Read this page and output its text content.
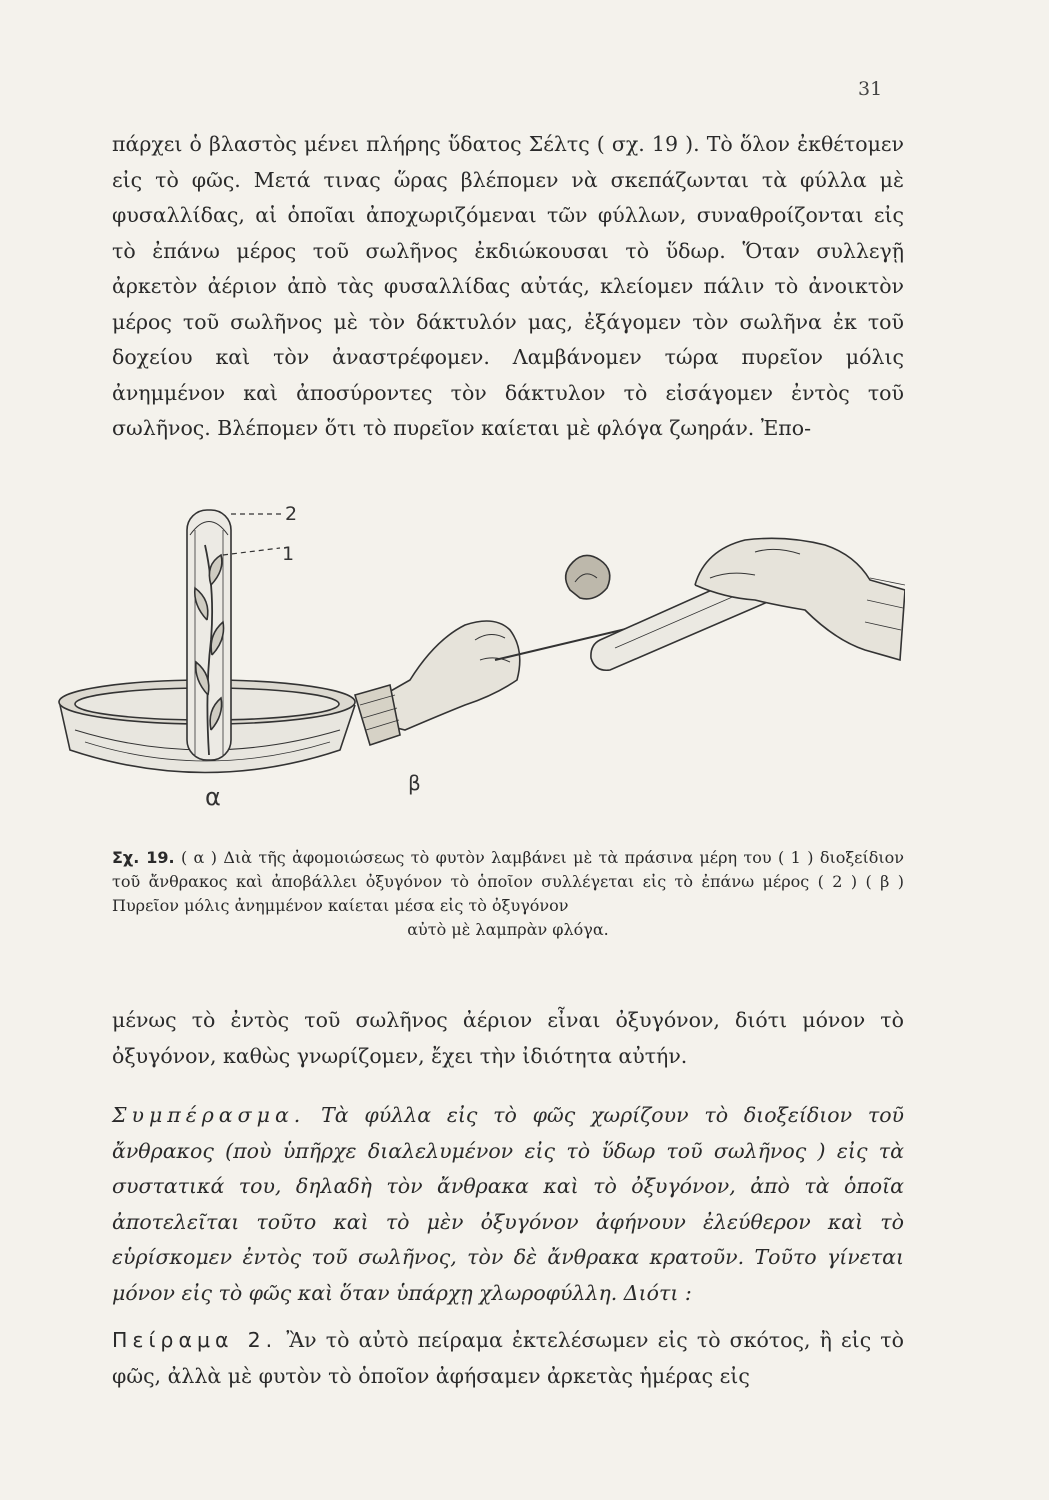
31

πάρχει ὁ βλαστὸς μένει πλήρης ὕδατος Σέλτς ( σχ. 19 ). Τὸ ὅλον ἐκθέτομεν εἰς τὸ φῶς. Μετά τινας ὥρας βλέπομεν νὰ σκεπάζωνται τὰ φύλλα μὲ φυσαλλίδας, αἱ ὁποῖαι ἀποχωριζόμεναι τῶν φύλλων, συναθροίζονται εἰς τὸ ἐπάνω μέρος τοῦ σωλῆνος ἐκδιώκουσαι τὸ ὕδωρ. Ὅταν συλλεγῇ ἀρκετὸν ἀέριον ἀπὸ τὰς φυσαλλίδας αὐτάς, κλείομεν πάλιν τὸ ἀνοικτὸν μέρος τοῦ σωλῆνος μὲ τὸν δάκτυλόν μας, ἐξάγομεν τὸν σωλῆνα ἐκ τοῦ δοχείου καὶ τὸν ἀναστρέφομεν. Λαμβάνομεν τώρα πυρεῖον μόλις ἀνημμένον καὶ ἀποσύροντες τὸν δάκτυλον τὸ εἰσάγομεν ἐντὸς τοῦ σωλῆνος. Βλέπομεν ὅτι τὸ πυρεῖον καίεται μὲ φλόγα ζωηράν. Ἐπο-

2
1
α	β

Σχ. 19. ( α ) Διὰ τῆς ἀφομοιώσεως τὸ φυτὸν λαμβάνει μὲ τὰ πράσινα μέρη του ( 1 ) διοξείδιον τοῦ ἄνθρακος καὶ ἀποβάλλει ὀξυγόνον τὸ ὁποῖον συλλέγεται εἰς τὸ ἐπάνω μέρος ( 2 ) ( β ) Πυρεῖον μόλις ἀνημμένον καίεται μέσα εἰς τὸ ὀξυγόνον
αὐτὸ μὲ λαμπρὰν φλόγα.

μένως τὸ ἐντὸς τοῦ σωλῆνος ἀέριον εἶναι ὀξυγόνον, διότι μόνον τὸ ὀξυγόνον, καθὼς γνωρίζομεν, ἔχει τὴν ἰδιότητα αὐτήν.

Συμπέρασμα. Τὰ φύλλα εἰς τὸ φῶς χωρίζουν τὸ διοξείδιον τοῦ ἄνθρακος (ποὺ ὑπῆρχε διαλελυμένον εἰς τὸ ὕδωρ τοῦ σωλῆνος ) εἰς τὰ συστατικά του, δηλαδὴ τὸν ἄνθρακα καὶ τὸ ὀξυγόνον, ἀπὸ τὰ ὁποῖα ἀποτελεῖται τοῦτο καὶ τὸ μὲν ὀξυγόνον ἀφήνουν ἐλεύθερον καὶ τὸ εὑρίσκομεν ἐντὸς τοῦ σωλῆνος, τὸν δὲ ἄνθρακα κρατοῦν. Τοῦτο γίνεται μόνον εἰς τὸ φῶς καὶ ὅταν ὑπάρχῃ χλωροφύλλη. Διότι :

Πείραμα 2. Ἂν τὸ αὐτὸ πείραμα ἐκτελέσωμεν εἰς τὸ σκότος, ἢ εἰς τὸ φῶς, ἀλλὰ μὲ φυτὸν τὸ ὁποῖον ἀφήσαμεν ἀρκετὰς ἡμέρας εἰς
